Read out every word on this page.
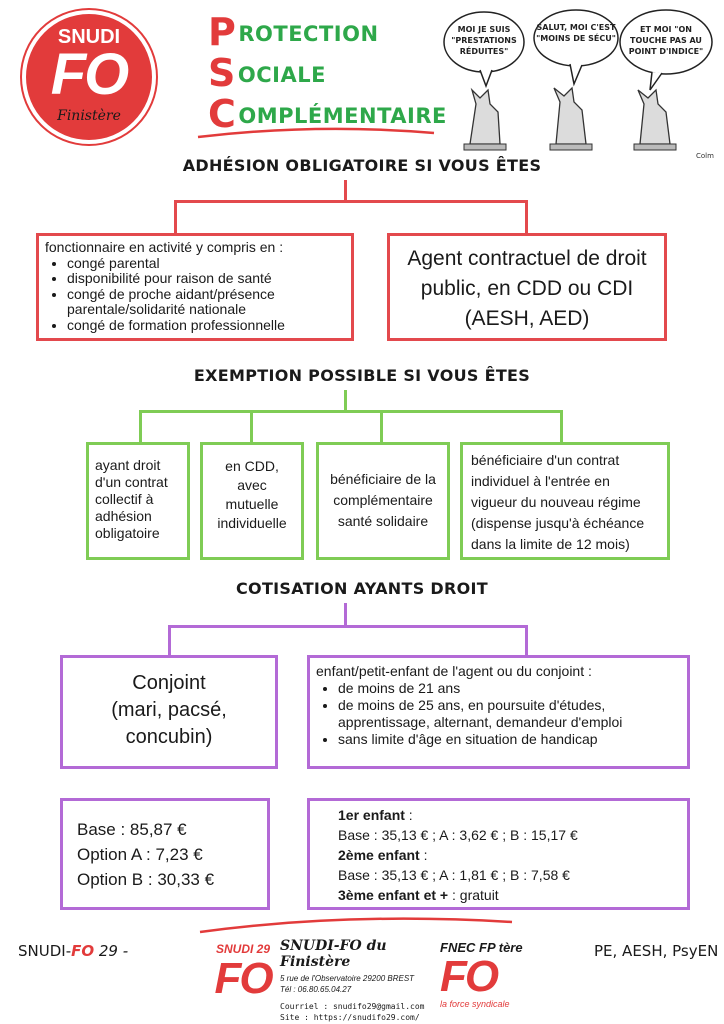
SNUDI
FO
Finistère
PROTECTION
SOCIALE
COMPLÉMENTAIRE
MOI JE SUIS "PRESTATIONS RÉDUITES"
SALUT, MOI C'EST "MOINS DE SÉCU"
ET MOI "ON TOUCHE PAS AU POINT D'INDICE"
Colm
ADHÉSION OBLIGATOIRE SI VOUS ÊTES
fonctionnaire en activité y compris en :
• congé parental
• disponibilité pour raison de santé
• congé de proche aidant/présence parentale/solidarité nationale
• congé de formation professionnelle
Agent contractuel de droit public, en CDD ou CDI (AESH, AED)
EXEMPTION POSSIBLE SI VOUS ÊTES
ayant droit d'un contrat collectif à adhésion obligatoire
en CDD, avec mutuelle individuelle
bénéficiaire de la complémentaire santé solidaire
bénéficiaire d'un contrat individuel à l'entrée en vigueur du nouveau régime (dispense jusqu'à échéance dans la limite de 12 mois)
COTISATION AYANTS DROIT
Conjoint
(mari, pacsé, concubin)
enfant/petit-enfant de l'agent ou du conjoint :
• de moins de 21 ans
• de moins de 25 ans, en poursuite d'études, apprentissage, alternant, demandeur d'emploi
• sans limite d'âge en situation de handicap
Base : 85,87 €
Option A : 7,23 €
Option B : 30,33 €
1er enfant :
Base : 35,13 € ; A : 3,62 € ; B : 15,17 €
2ème enfant :
Base : 35,13 € ; A : 1,81 € ; B : 7,58 €
3ème enfant et + : gratuit
SNUDI-FO 29 -	SNUDI 29
FO
SNUDI-FO du Finistère
5 rue de l'Observatoire 29200 BREST
Tél : 06.80.65.04.27
Courriel : snudifo29@gmail.com
Site : https://snudifo29.com/
FNEC FP tère
FO
la force syndicale
PE, AESH, PsyEN
